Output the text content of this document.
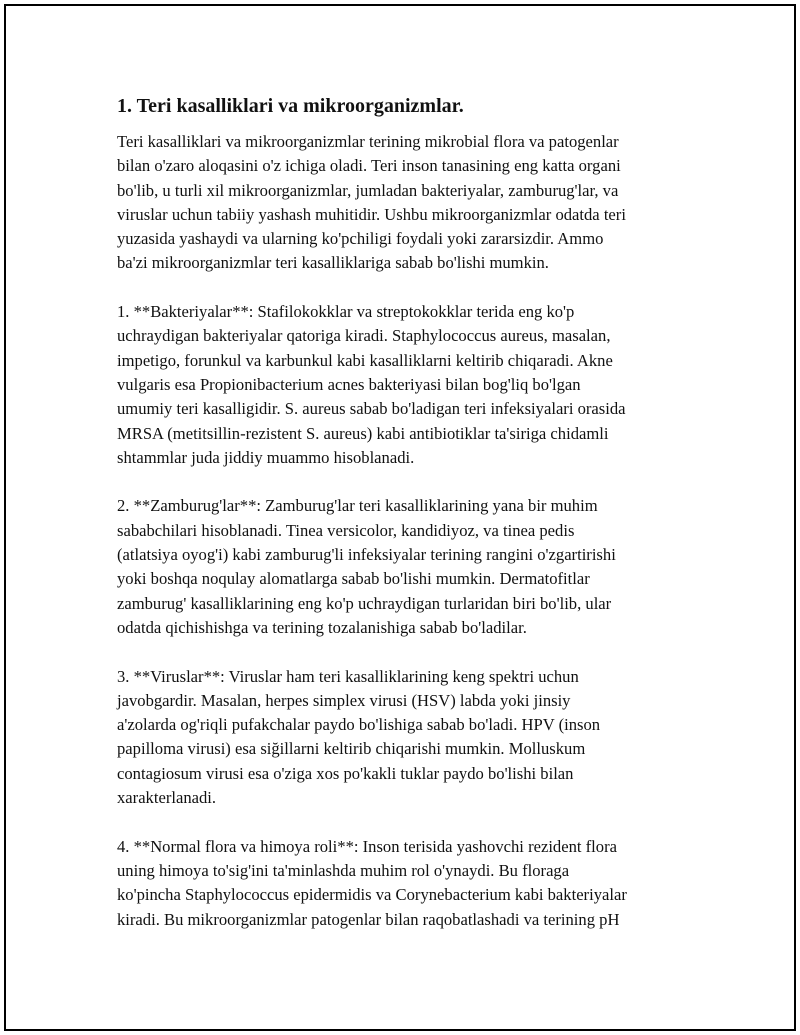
1. Teri kasalliklari va mikroorganizmlar.
Teri kasalliklari va mikroorganizmlar terining mikrobial flora va patogenlar
bilan o'zaro aloqasini o'z ichiga oladi. Teri inson tanasining eng katta organi
bo'lib, u turli xil mikroorganizmlar, jumladan bakteriyalar, zamburug'lar, va
viruslar uchun tabiiy yashash muhitidir. Ushbu mikroorganizmlar odatda teri
yuzasida yashaydi va ularning ko'pchiligi foydali yoki zararsizdir. Ammo
ba'zi mikroorganizmlar teri kasalliklariga sabab bo'lishi mumkin.
1. **Bakteriyalar**: Stafilokokklar va streptokokklar terida eng ko'p
uchraydigan bakteriyalar qatoriga kiradi. Staphylococcus aureus, masalan,
impetigo, forunkul va karbunkul kabi kasalliklarni keltirib chiqaradi. Akne
vulgaris esa Propionibacterium acnes bakteriyasi bilan bog'liq bo'lgan
umumiy teri kasalligidir. S. aureus sabab bo'ladigan teri infeksiyalari orasida
MRSA (metitsillin-rezistent S. aureus) kabi antibiotiklar ta'siriga chidamli
shtammlar juda jiddiy muammo hisoblanadi.
2. **Zamburug'lar**: Zamburug'lar teri kasalliklarining yana bir muhim
sababchilari hisoblanadi. Tinea versicolor, kandidiyoz, va tinea pedis
(atlatsiya oyog'i) kabi zamburug'li infeksiyalar terining rangini o'zgartirishi
yoki boshqa noqulay alomatlarga sabab bo'lishi mumkin. Dermatofitlar
zamburug' kasalliklarining eng ko'p uchraydigan turlaridan biri bo'lib, ular
odatda qichishishga va terining tozalanishiga sabab bo'ladilar.
3. **Viruslar**: Viruslar ham teri kasalliklarining keng spektri uchun
javobgardir. Masalan, herpes simplex virusi (HSV) labda yoki jinsiy
a'zolarda og'riqli pufakchalar paydo bo'lishiga sabab bo'ladi. HPV (inson
papilloma virusi) esa siğillarni keltirib chiqarishi mumkin. Molluskum
contagiosum virusi esa o'ziga xos po'kakli tuklar paydo bo'lishi bilan
xarakterlanadi.
4. **Normal flora va himoya roli**: Inson terisida yashovchi rezident flora
uning himoya to'sig'ini ta'minlashda muhim rol o'ynaydi. Bu floraga
ko'pincha Staphylococcus epidermidis va Corynebacterium kabi bakteriyalar
kiradi. Bu mikroorganizmlar patogenlar bilan raqobatlashadi va terining pH
